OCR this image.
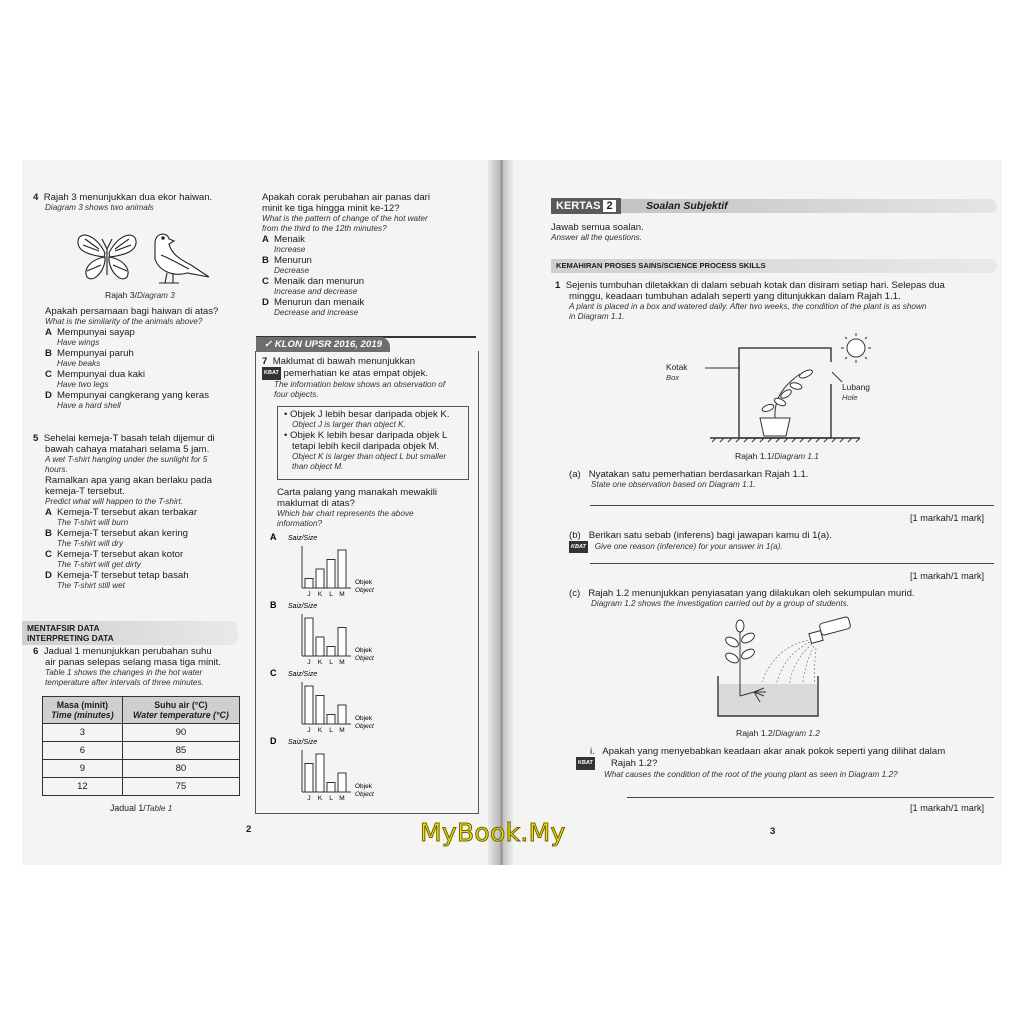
4 Rajah 3 menunjukkan dua ekor haiwan.
Diagram 3 shows two animals
Rajah 3/Diagram 3
Apakah persamaan bagi haiwan di atas?
What is the similarity of the animals above?
A Mempunyai sayap
Have wings
B Mempunyai paruh
Have beaks
C Mempunyai dua kaki
Have two legs
D Mempunyai cangkerang yang keras
Have a hard shell
5 Sehelai kemeja-T basah telah dijemur di
bawah cahaya matahari selama 5 jam.
A wet T-shirt hanging under the sunlight for 5
hours.
Ramalkan apa yang akan berlaku pada
kemeja-T tersebut.
Predict what will happen to the T-shirt.
A Kemeja-T tersebut akan terbakar
The T-shirt will burn
B Kemeja-T tersebut akan kering
The T-shirt will dry
C Kemeja-T tersebut akan kotor
The T-shirt will get dirty
D Kemeja-T tersebut tetap basah
The T-shirt still wet
MENTAFSIR DATA
INTERPRETING DATA
6 Jadual 1 menunjukkan perubahan suhu
air panas selepas selang masa tiga minit.
Table 1 shows the changes in the hot water
temperature after intervals of three minutes.
Masa (minit)
Time (minutes)	Suhu air (°C)
Water temperature (°C)
3	90
6	85
9	80
12	75
Jadual 1/Table 1
2
Apakah corak perubahan air panas dari
minit ke tiga hingga minit ke-12?
What is the pattern of change of the hot water
from the third to the 12th minutes?
A Menaik
Increase
B Menurun
Decrease
C Menaik dan menurun
Increase and decrease
D Menurun dan menaik
Decrease and increase
✓ KLON UPSR 2016, 2019
7 Maklumat di bawah menunjukkan
KBAT pemerhatian ke atas empat objek.
The information below shows an observation of
four objects.
• Objek J lebih besar daripada objek K.
Object J is larger than object K.
• Objek K lebih besar daripada objek L
tetapi lebih kecil daripada objek M.
Object K is larger than object L but smaller
than object M.
Carta palang yang manakah mewakili
maklumat di atas?
Which bar chart represents the above
information?
A Saiz/Size
J K L M
Objek
Object
B Saiz/Size
J K L M
Objek
Object
C Saiz/Size
J K L M
Objek
Object
D Saiz/Size
J K L M
Objek
Object
KERTAS 2	Soalan Subjektif
Jawab semua soalan.
Answer all the questions.
KEMAHIRAN PROSES SAINS/SCIENCE PROCESS SKILLS
1 Sejenis tumbuhan diletakkan di dalam sebuah kotak dan disiram setiap hari. Selepas dua
minggu, keadaan tumbuhan adalah seperti yang ditunjukkan dalam Rajah 1.1.
A plant is placed in a box and watered daily. After two weeks, the condition of the plant is as shown
in Diagram 1.1.
Kotak
Box
Lubang
Hole
Rajah 1.1/Diagram 1.1
(a) Nyatakan satu pemerhatian berdasarkan Rajah 1.1.
State one observation based on Diagram 1.1.
[1 markah/1 mark]
(b) Berikan satu sebab (inferens) bagi jawapan kamu di 1(a).
KBAT Give one reason (inference) for your answer in 1(a).
[1 markah/1 mark]
(c) Rajah 1.2 menunjukkan penyiasatan yang dilakukan oleh sekumpulan murid.
Diagram 1.2 shows the investigation carried out by a group of students.
Rajah 1.2/Diagram 1.2
i. Apakah yang menyebabkan keadaan akar anak pokok seperti yang dilihat dalam
KBAT Rajah 1.2?
What causes the condition of the root of the young plant as seen in Diagram 1.2?
[1 markah/1 mark]
3
MyBook.My
